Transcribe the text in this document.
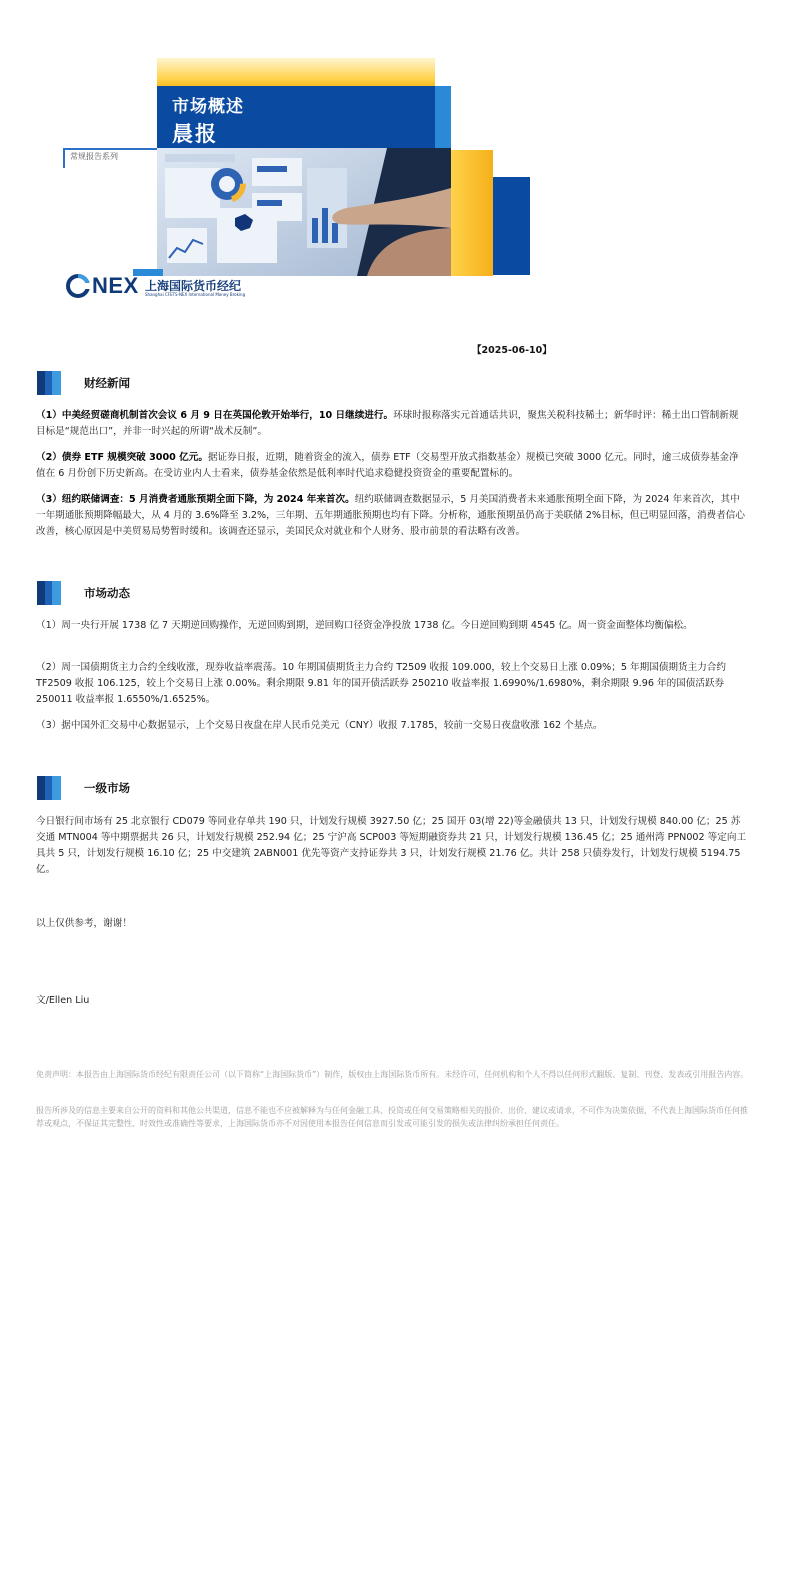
市场概述
晨报
常规报告系列
NEX 上海国际货币经纪
Shanghai CFETS-NEX International Money Broking
【2025-06-10】
财经新闻
（1）中美经贸磋商机制首次会议 6 月 9 日在英国伦敦开始举行，10 日继续进行。环球时报称落实元首通话共识，聚焦关税科技稀土；新华时评：稀土出口管制新规目标是“规范出口”，并非一时兴起的所谓“战术反制”。
（2）债券 ETF 规模突破 3000 亿元。据证券日报，近期，随着资金的流入，债券 ETF（交易型开放式指数基金）规模已突破 3000 亿元。同时，逾三成债券基金净值在 6 月份创下历史新高。在受访业内人士看来，债券基金依然是低利率时代追求稳健投资资金的重要配置标的。
（3）纽约联储调查：5 月消费者通胀预期全面下降，为 2024 年来首次。纽约联储调查数据显示，5 月美国消费者未来通胀预期全面下降，为 2024 年来首次，其中一年期通胀预期降幅最大，从 4 月的 3.6%降至 3.2%，三年期、五年期通胀预期也均有下降。分析称，通胀预期虽仍高于美联储 2%目标，但已明显回落，消费者信心改善，核心原因是中美贸易局势暂时缓和。该调查还显示，美国民众对就业和个人财务、股市前景的看法略有改善。
市场动态
（1）周一央行开展 1738 亿 7 天期逆回购操作，无逆回购到期，逆回购口径资金净投放 1738 亿。今日逆回购到期 4545 亿。周一资金面整体均衡偏松。
（2）周一国债期货主力合约全线收涨，现券收益率震荡。10 年期国债期货主力合约 T2509 收报 109.000，较上个交易日上涨 0.09%；5 年期国债期货主力合约 TF2509 收报 106.125，较上个交易日上涨 0.00%。剩余期限 9.81 年的国开债活跃券 250210 收益率报 1.6990%/1.6980%，剩余期限 9.96 年的国债活跃券 250011 收益率报 1.6550%/1.6525%。
（3）据中国外汇交易中心数据显示，上个交易日夜盘在岸人民币兑美元（CNY）收报 7.1785，较前一交易日夜盘收涨 162 个基点。
一级市场
今日银行间市场有 25 北京银行 CD079 等同业存单共 190 只，计划发行规模 3927.50 亿；25 国开 03(增 22)等金融债共 13 只，计划发行规模 840.00 亿；25 苏交通 MTN004 等中期票据共 26 只，计划发行规模 252.94 亿；25 宁沪高 SCP003 等短期融资券共 21 只，计划发行规模 136.45 亿；25 通州湾 PPN002 等定向工具共 5 只，计划发行规模 16.10 亿；25 中交建筑 2ABN001 优先等资产支持证券共 3 只，计划发行规模 21.76 亿。共计 258 只债券发行，计划发行规模 5194.75 亿。
以上仅供参考，谢谢！
文/Ellen Liu
免责声明：本报告由上海国际货币经纪有限责任公司（以下简称“上海国际货币”）制作，版权由上海国际货币所有。未经许可，任何机构和个人不得以任何形式翻版、复制、刊登、发表或引用报告内容。
报告所涉及的信息主要来自公开的资料和其他公共渠道，信息不能也不应被解释为与任何金融工具、投资或任何交易策略相关的报价、出价、建议或请求，不可作为决策依据，不代表上海国际货币任何推荐或观点，不保证其完整性、时效性或准确性等要求，上海国际货币亦不对因使用本报告任何信息而引发或可能引发的损失或法律纠纷承担任何责任。
